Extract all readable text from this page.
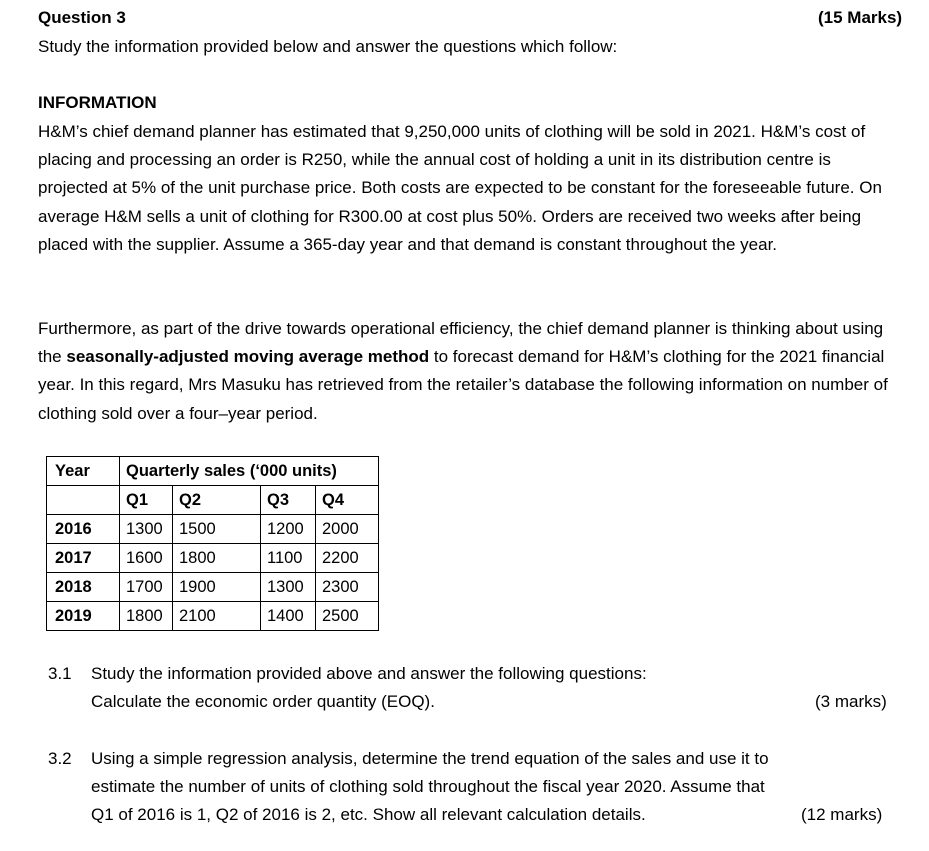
Question 3	(15 Marks)
Study the information provided below and answer the questions which follow:
INFORMATION
H&M’s chief demand planner has estimated that 9,250,000 units of clothing will be sold in 2021. H&M’s cost of placing and processing an order is R250, while the annual cost of holding a unit in its distribution centre is projected at 5% of the unit purchase price. Both costs are expected to be constant for the foreseeable future. On average H&M sells a unit of clothing for R300.00 at cost plus 50%. Orders are received two weeks after being placed with the supplier. Assume a 365-day year and that demand is constant throughout the year.
Furthermore, as part of the drive towards operational efficiency, the chief demand planner is thinking about using the seasonally-adjusted moving average method to forecast demand for H&M’s clothing for the 2021 financial year. In this regard, Mrs Masuku has retrieved from the retailer’s database the following information on number of clothing sold over a four–year period.
Year	Quarterly sales (‘000 units)			
	Q1	Q2	Q3	Q4
2016	1300	1500	1200	2000
2017	1600	1800	1100	2200
2018	1700	1900	1300	2300
2019	1800	2100	1400	2500
3.1 Study the information provided above and answer the following questions:
Calculate the economic order quantity (EOQ).	(3 marks)
3.2 Using a simple regression analysis, determine the trend equation of the sales and use it to
estimate the number of units of clothing sold throughout the fiscal year 2020. Assume that
Q1 of 2016 is 1, Q2 of 2016 is 2, etc. Show all relevant calculation details.	(12 marks)
